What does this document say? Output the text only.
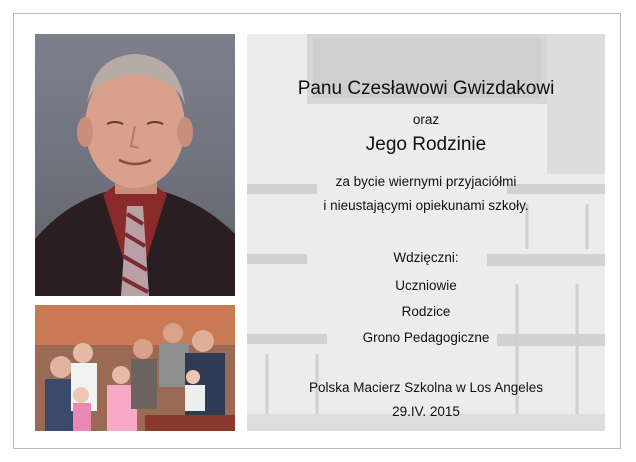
Panu Czesławowi Gwizdakowi
oraz
Jego Rodzinie
za bycie wiernymi przyjaciółmi
i nieustającymi opiekunami szkoły.
Wdzięczni:
Uczniowie
Rodzice
Grono Pedagogiczne
Polska Macierz Szkolna w Los Angeles
29.IV. 2015
